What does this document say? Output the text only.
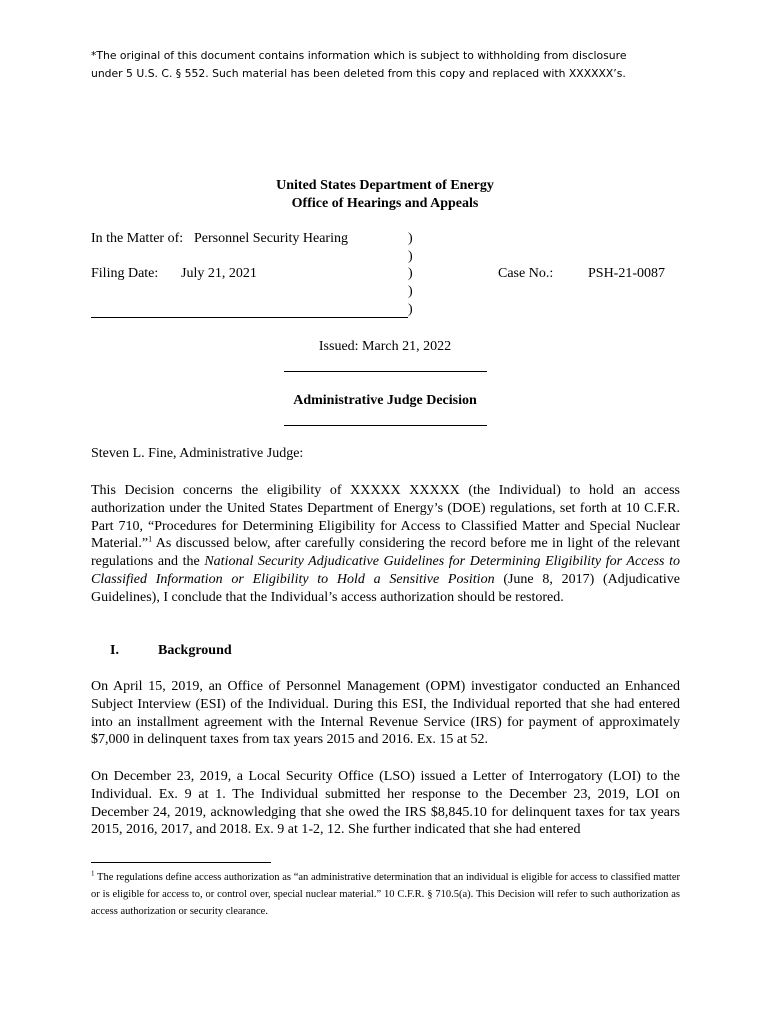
*The original of this document contains information which is subject to withholding from disclosure

under 5 U.S. C. § 552. Such material has been deleted from this copy and replaced with XXXXXX’s.

United States Department of Energy
Office of Hearings and Appeals
In the Matter of: Personnel Security Hearing
Filing Date: July 21, 2021	Case No.: PSH-21-0087
)
)
)
)
)
Issued: March 21, 2022
Administrative Judge Decision
Steven L. Fine, Administrative Judge:

This Decision concerns the eligibility of XXXXX XXXXX (the Individual) to hold an access authorization under the United States Department of Energy’s (DOE) regulations, set forth at 10 C.F.R. Part 710, “Procedures for Determining Eligibility for Access to Classified Matter and Special Nuclear Material.”$^1$ As discussed below, after carefully considering the record before me in light of the relevant regulations and the National Security Adjudicative Guidelines for Determining Eligibility for Access to Classified Information or Eligibility to Hold a Sensitive Position (June 8, 2017) (Adjudicative Guidelines), I conclude that the Individual’s access authorization should be restored.

I.	Background

On April 15, 2019, an Office of Personnel Management (OPM) investigator conducted an Enhanced Subject Interview (ESI) of the Individual. During this ESI, the Individual reported that she had entered into an installment agreement with the Internal Revenue Service (IRS) for payment of approximately $7,000 in delinquent taxes from tax years 2015 and 2016. Ex. 15 at 52.

On December 23, 2019, a Local Security Office (LSO) issued a Letter of Interrogatory (LOI) to the Individual. Ex. 9 at 1. The Individual submitted her response to the December 23, 2019, LOI on December 24, 2019, acknowledging that she owed the IRS $8,845.10 for delinquent taxes for tax years 2015, 2016, 2017, and 2018. Ex. 9 at 1-2, 12. She further indicated that she had entered

$^1$ The regulations define access authorization as “an administrative determination that an individual is eligible for access to classified matter or is eligible for access to, or control over, special nuclear material.” 10 C.F.R. § 710.5(a). This Decision will refer to such authorization as access authorization or security clearance.
